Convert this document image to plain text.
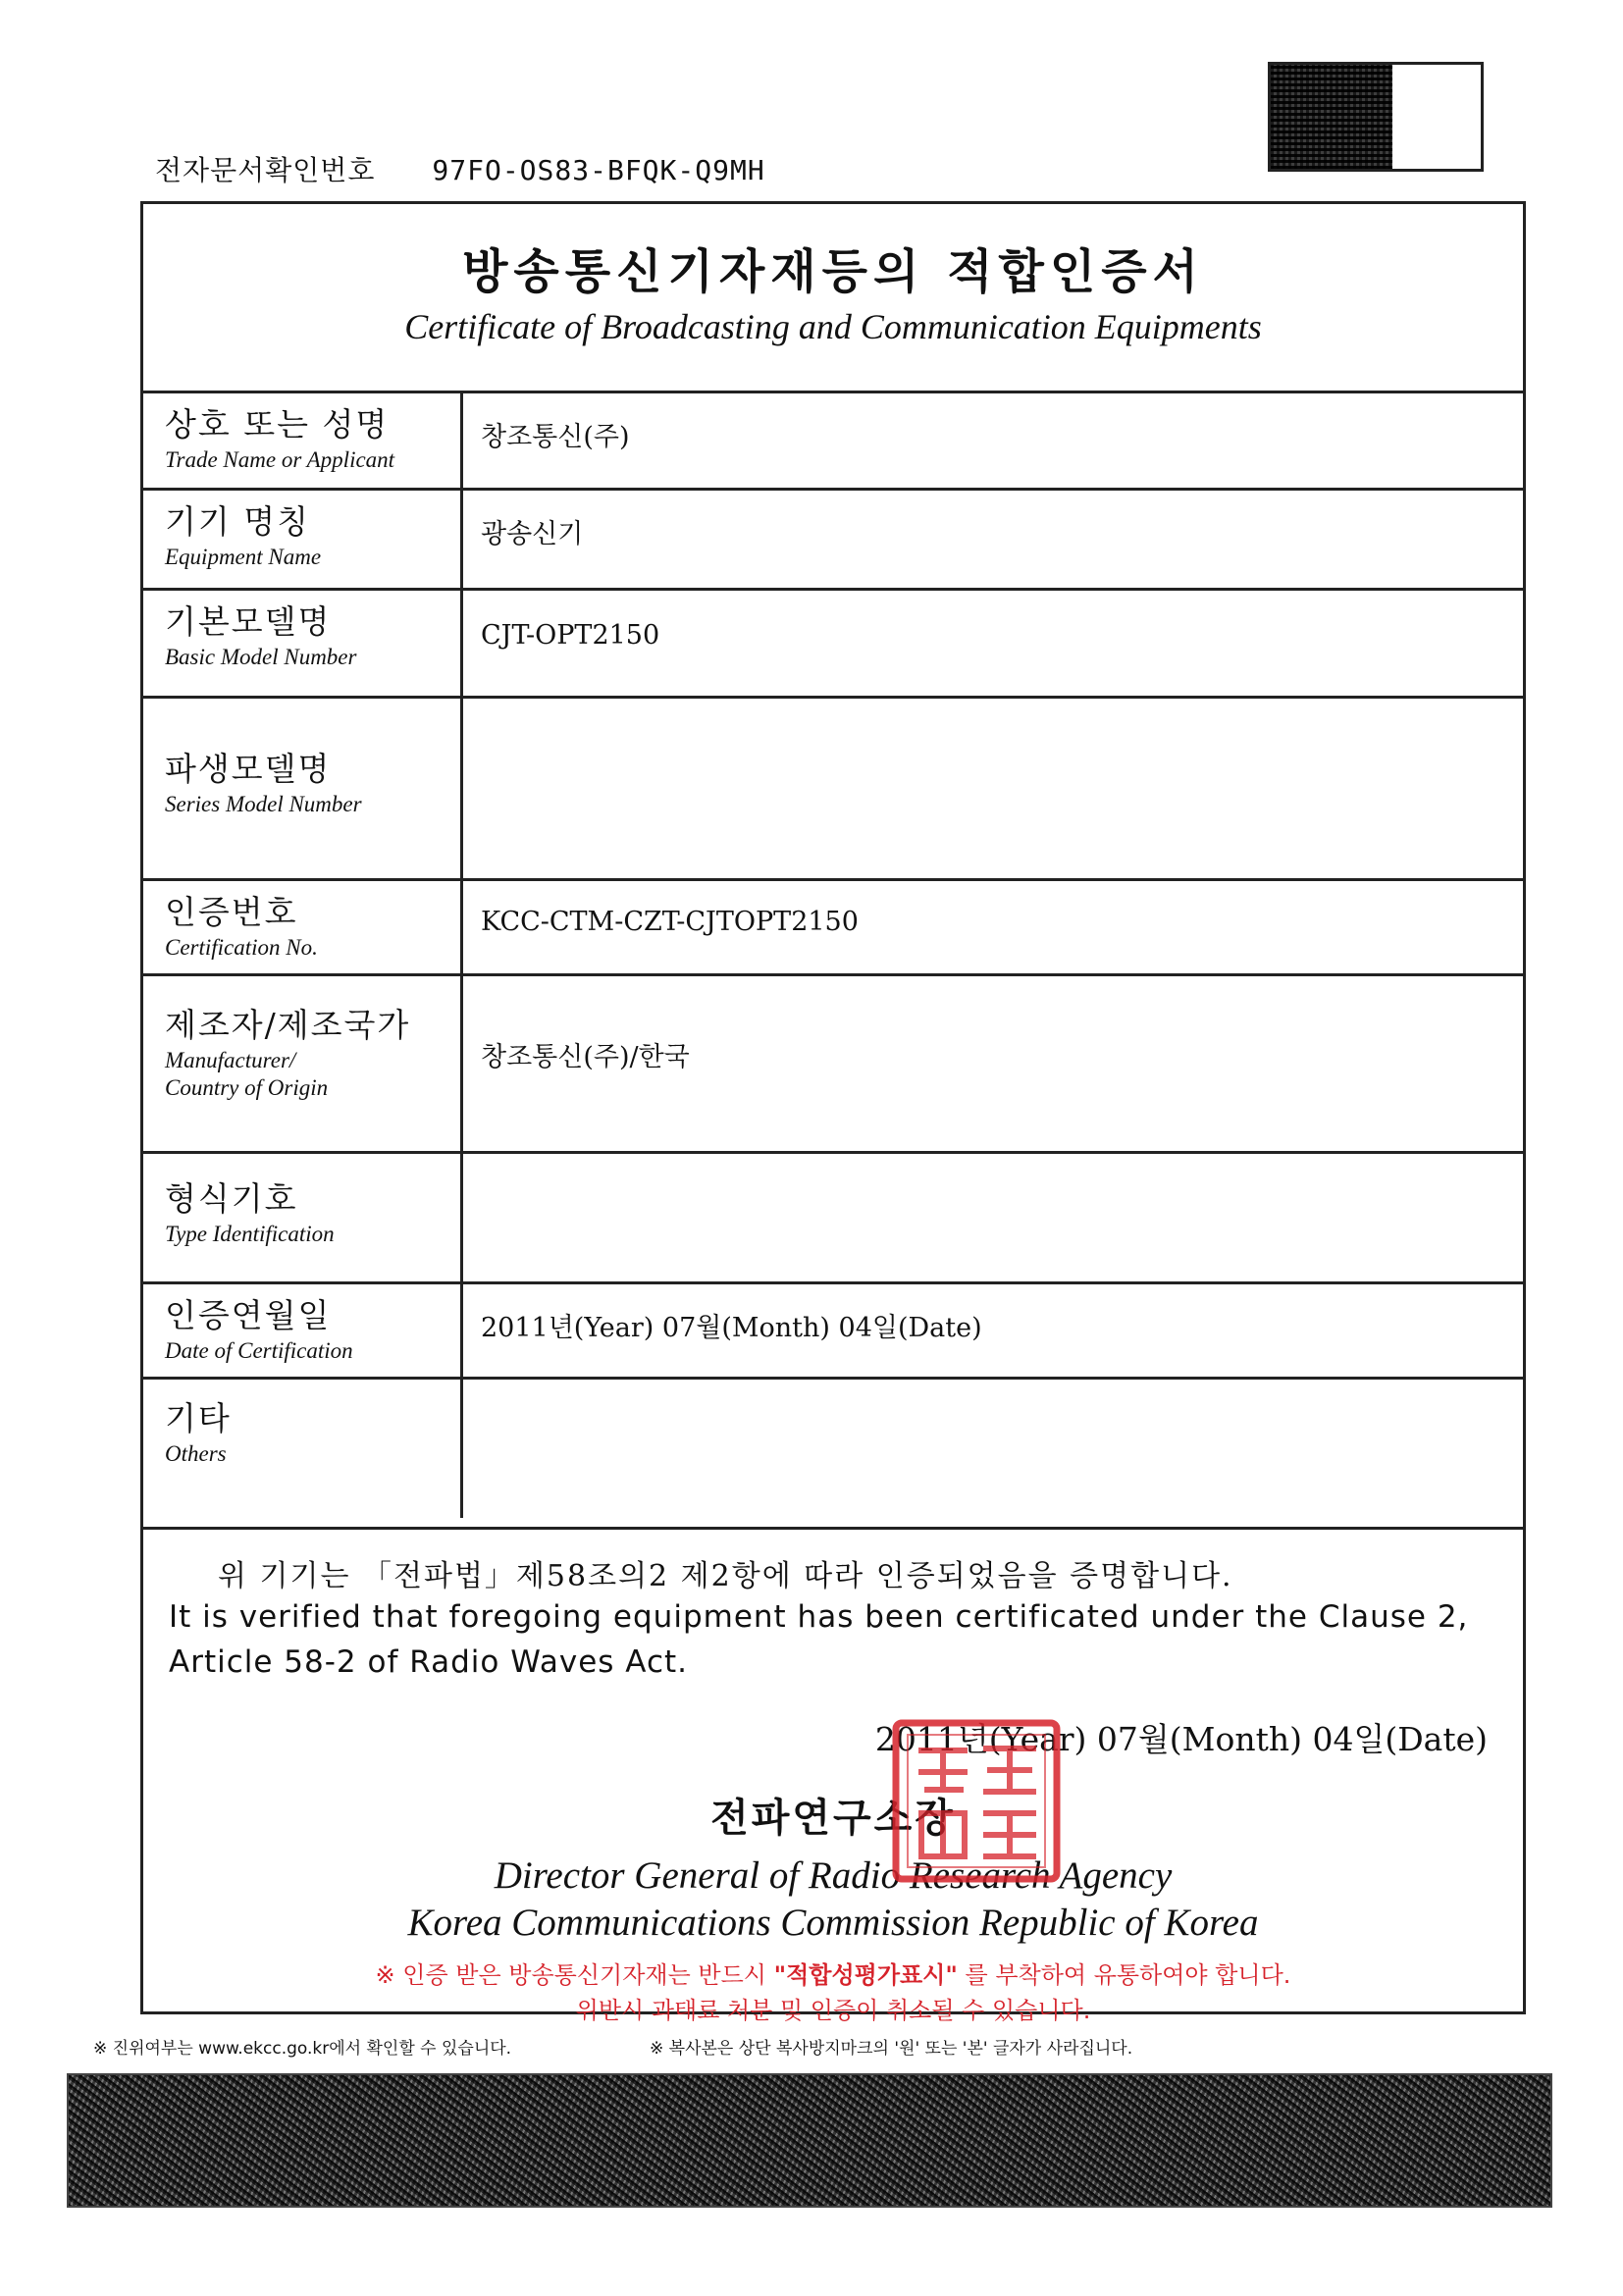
전자문서확인번호 97FO-OS83-BFQK-Q9MH
방송통신기자재등의 적합인증서
Certificate of Broadcasting and Communication Equipments
상호 또는 성명
Trade Name or Applicant
창조통신(주)
기기 명칭
Equipment Name
광송신기
기본모델명
Basic Model Number
CJT-OPT2150
파생모델명
Series Model Number
인증번호
Certification No.
KCC-CTM-CZT-CJTOPT2150
제조자/제조국가
Manufacturer/
Country of Origin
창조통신(주)/한국
형식기호
Type Identification
인증연월일
Date of Certification
2011년(Year) 07월(Month) 04일(Date)
기타
Others
위 기기는 「전파법」제58조의2 제2항에 따라 인증되었음을 증명합니다.
It is verified that foregoing equipment has been certificated under the Clause 2, Article 58-2 of Radio Waves Act.
2011년(Year) 07월(Month) 04일(Date)
전파연구소장
Director General of Radio Research Agency
Korea Communications Commission Republic of Korea
※ 인증 받은 방송통신기자재는 반드시 "적합성평가표시" 를 부착하여 유통하여야 합니다.
위반시 과태료 처분 및 인증이 취소될 수 있습니다.
※ 진위여부는 www.ekcc.go.kr에서 확인할 수 있습니다.	※ 복사본은 상단 복사방지마크의 '원' 또는 '본' 글자가 사라집니다.
